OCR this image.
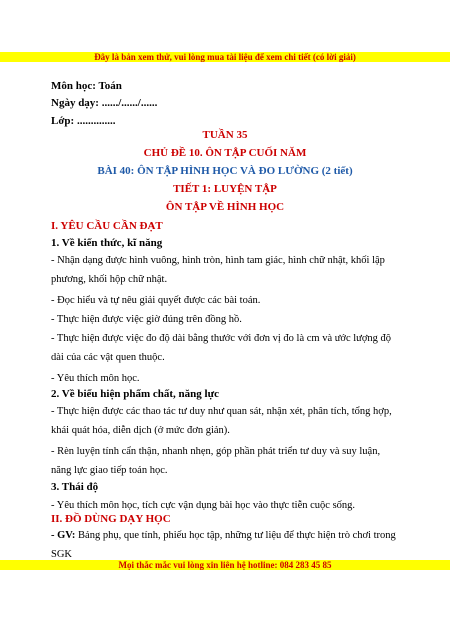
Đây là bản xem thử, vui lòng mua tài liệu để xem chi tiết (có lời giải)
Môn học: Toán
Ngày dạy: ....../....../......
Lớp: ..............
TUẦN 35
CHỦ ĐỀ 10. ÔN TẬP CUỐI NĂM
BÀI 40: ÔN TẬP HÌNH HỌC VÀ ĐO LƯỜNG (2 tiết)
TIẾT 1: LUYỆN TẬP
ÔN TẬP VỀ HÌNH HỌC
I. YÊU CẦU CẦN ĐẠT
1. Về kiến thức, kĩ năng
- Nhận dạng được hình vuông, hình tròn, hình tam giác, hình chữ nhật, khối lập phương, khối hộp chữ nhật.
- Đọc hiểu và tự nêu giải quyết được các bài toán.
- Thực hiện được việc giờ đúng trên đồng hồ.
- Thực hiện được việc đo độ dài bằng thước với đơn vị đo là cm và ước lượng độ dài của các vật quen thuộc.
- Yêu thích môn học.
2. Về biểu hiện phẩm chất, năng lực
- Thực hiện được các thao tác tư duy như quan sát, nhận xét, phân tích, tổng hợp, khái quát hóa, diễn dịch (ở mức đơn giản).
- Rèn luyện tính cẩn thận, nhanh nhẹn, góp phần phát triển tư duy và suy luận, năng lực giao tiếp toán học.
3. Thái độ
- Yêu thích môn học, tích cực vận dụng bài học vào thực tiễn cuộc sống.
II. ĐỒ DÙNG DẠY HỌC
- GV: Bảng phụ, que tính, phiếu học tập, những tư liệu để thực hiện trò chơi trong SGK
Mọi thắc mắc vui lòng xin liên hệ hotline: 084 283 45 85
